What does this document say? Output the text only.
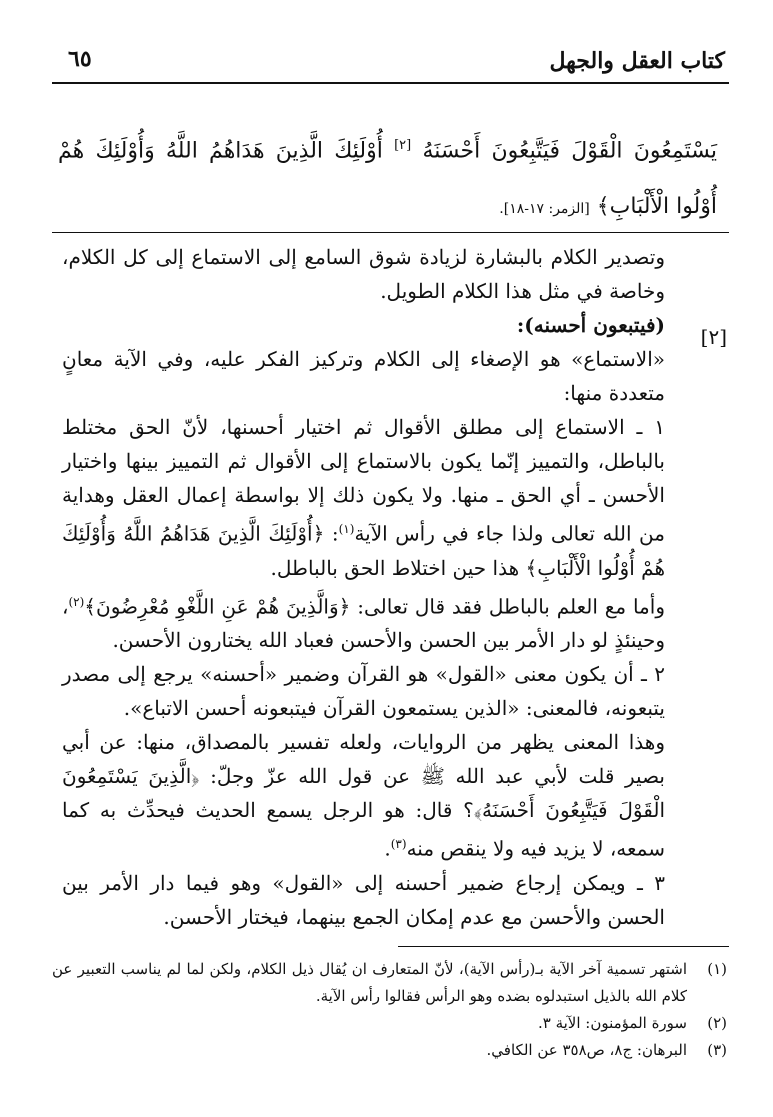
كتاب العقل والجهل
٦٥
يَسْتَمِعُونَ الْقَوْلَ فَيَتَّبِعُونَ أَحْسَنَهُ [٢] أُوْلَئِكَ الَّذِينَ هَدَاهُمُ اللَّهُ وَأُوْلَئِكَ هُمْ أُوْلُوا الْأَلْبَابِ﴾ [الزمر: ١٧-١٨].
[٢]

وتصدير الكلام بالبشارة لزيادة شوق السامع إلى الاستماع إلى كل الكلام، وخاصة في مثل هذا الكلام الطويل.

(فيتبعون أحسنه):

«الاستماع» هو الإصغاء إلى الكلام وتركيز الفكر عليه، وفي الآية معانٍ متعددة منها:

١ ـ الاستماع إلى مطلق الأقوال ثم اختيار أحسنها، لأنّ الحق مختلط بالباطل، والتمييز إنّما يكون بالاستماع إلى الأقوال ثم التمييز بينها واختيار الأحسن ـ أي الحق ـ منها. ولا يكون ذلك إلا بواسطة إعمال العقل وهداية من الله تعالى ولذا جاء في رأس الآية$^{(١)}$: ﴿أُوْلَئِكَ الَّذِينَ هَدَاهُمُ اللَّهُ وَأُوْلَئِكَ هُمْ أُوْلُوا الْأَلْبَابِ﴾ هذا حين اختلاط الحق بالباطل.

وأما مع العلم بالباطل فقد قال تعالى: ﴿وَالَّذِينَ هُمْ عَنِ اللَّغْوِ مُعْرِضُونَ﴾$^{(٢)}$، وحينئذٍ لو دار الأمر بين الحسن والأحسن فعباد الله يختارون الأحسن.

٢ ـ أن يكون معنى «القول» هو القرآن وضمير «أحسنه» يرجع إلى مصدر يتبعونه، فالمعنى: «الذين يستمعون القرآن فيتبعونه أحسن الاتباع».

وهذا المعنى يظهر من الروايات، ولعله تفسير بالمصداق، منها: عن أبي بصير قلت لأبي عبد الله ﷺ عن قول الله عزّ وجلّ: ﴿الَّذِينَ يَسْتَمِعُونَ الْقَوْلَ فَيَتَّبِعُونَ أَحْسَنَهُ﴾؟ قال: هو الرجل يسمع الحديث فيحدِّث به كما سمعه، لا يزيد فيه ولا ينقص منه$^{(٣)}$.

٣ ـ ويمكن إرجاع ضمير أحسنه إلى «القول» وهو فيما دار الأمر بين الحسن والأحسن مع عدم إمكان الجمع بينهما، فيختار الأحسن.

(١)
اشتهر تسمية آخر الآية بـ(رأس الآية)، لأنّ المتعارف ان يُقال ذيل الكلام، ولكن لما لم يناسب التعبير عن كلام الله بالذيل استبدلوه بضده وهو الرأس فقالوا رأس الآية.
(٢)
سورة المؤمنون: الآية ٣.
(٣)
البرهان: ج٨، ص٣٥٨ عن الكافي.
